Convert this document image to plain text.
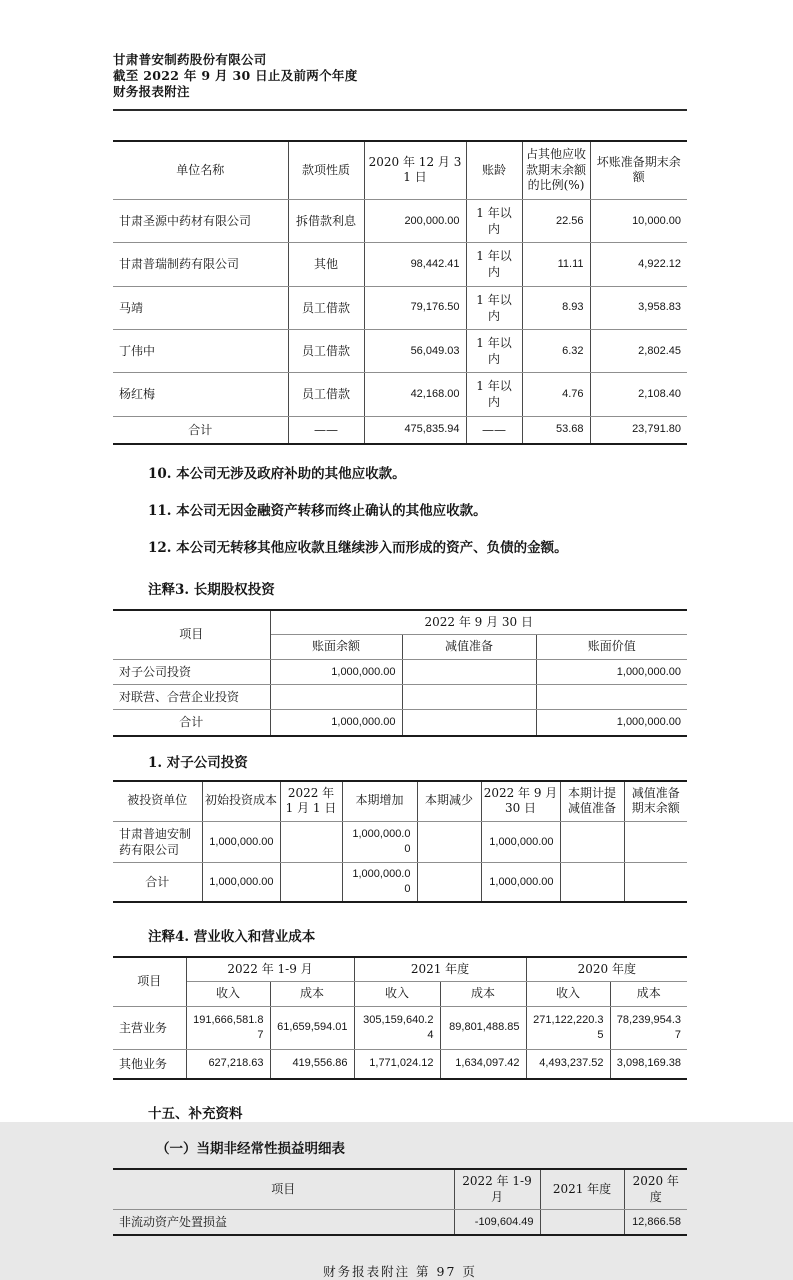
甘肃普安制药股份有限公司
截至 2022 年 9 月 30 日止及前两个年度
财务报表附注
单位名称	款项性质	2020 年 12 月 31 日	账龄	占其他应收款期末余额的比例(%)	坏账准备期末余额
甘肃圣源中药材有限公司	拆借款利息	200,000.00	1 年以内	22.56	10,000.00
甘肃普瑞制药有限公司	其他	98,442.41	1 年以内	11.11	4,922.12
马靖	员工借款	79,176.50	1 年以内	8.93	3,958.83
丁伟中	员工借款	56,049.03	1 年以内	6.32	2,802.45
杨红梅	员工借款	42,168.00	1 年以内	4.76	2,108.40
合计	——	475,835.94	——	53.68	23,791.80

10. 本公司无涉及政府补助的其他应收款。

11. 本公司无因金融资产转移而终止确认的其他应收款。

12. 本公司无转移其他应收款且继续涉入而形成的资产、负债的金额。

注释3. 长期股权投资

项目	2022 年 9 月 30 日		
	账面余额	减值准备	账面价值
对子公司投资	1,000,000.00		1,000,000.00
对联营、合营企业投资			
合计	1,000,000.00		1,000,000.00

1. 对子公司投资

被投资单位	初始投资成本	2022 年 1 月 1 日	本期增加	本期减少	2022 年 9 月 30 日	本期计提减值准备	减值准备期末余额
甘肃普迪安制药有限公司	1,000,000.00		1,000,000.00		1,000,000.00		
合计	1,000,000.00		1,000,000.00		1,000,000.00		

注释4. 营业收入和营业成本

项目	2022 年 1-9 月		2021 年度		2020 年度	
	收入	成本	收入	成本	收入	成本
主营业务	191,666,581.87	61,659,594.01	305,159,640.24	89,801,488.85	271,122,220.35	78,239,954.37
其他业务	627,218.63	419,556.86	1,771,024.12	1,634,097.42	4,493,237.52	3,098,169.38

十五、补充资料

（一）当期非经常性损益明细表

项目	2022 年 1-9 月	2021 年度	2020 年度
非流动资产处置损益	-109,604.49		12,866.58
财务报表附注 第 97 页
